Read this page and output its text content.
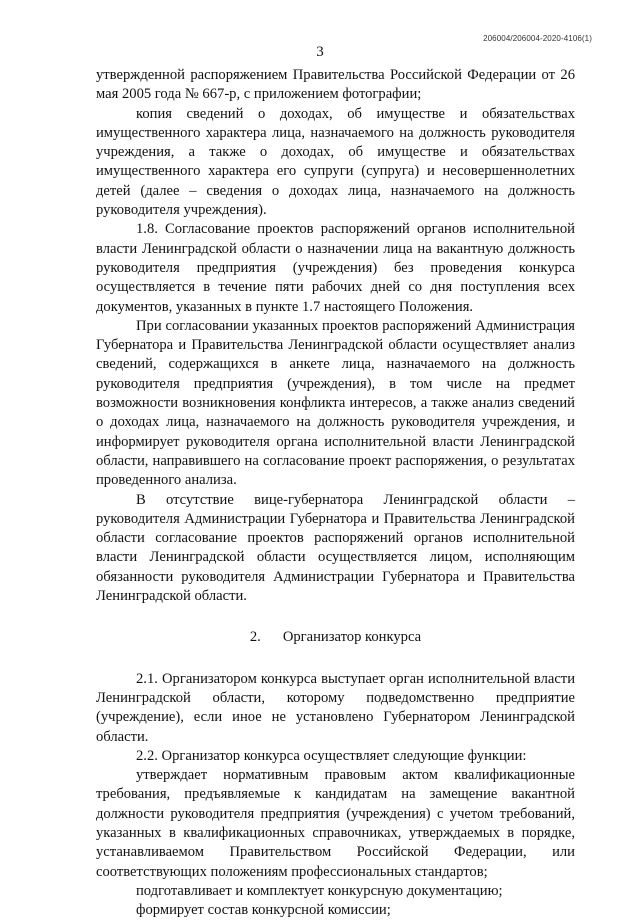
206004/206004-2020-4106(1)
3

утвержденной распоряжением Правительства Российской Федерации от 26 мая 2005 года № 667-р, с приложением фотографии;

копия сведений о доходах, об имуществе и обязательствах имущественного характера лица, назначаемого на должность руководителя учреждения, а также о доходах, об имуществе и обязательствах имущественного характера его супруги (супруга) и несовершеннолетних детей (далее – сведения о доходах лица, назначаемого на должность руководителя учреждения).

1.8. Согласование проектов распоряжений органов исполнительной власти Ленинградской области о назначении лица на вакантную должность руководителя предприятия (учреждения) без проведения конкурса осуществляется в течение пяти рабочих дней со дня поступления всех документов, указанных в пункте 1.7 настоящего Положения.

При согласовании указанных проектов распоряжений Администрация Губернатора и Правительства Ленинградской области осуществляет анализ сведений, содержащихся в анкете лица, назначаемого на должность руководителя предприятия (учреждения), в том числе на предмет возможности возникновения конфликта интересов, а также анализ сведений о доходах лица, назначаемого на должность руководителя учреждения, и информирует руководителя органа исполнительной власти Ленинградской области, направившего на согласование проект распоряжения, о результатах проведенного анализа.

В отсутствие вице-губернатора Ленинградской области – руководителя Администрации Губернатора и Правительства Ленинградской области согласование проектов распоряжений органов исполнительной власти Ленинградской области осуществляется лицом, исполняющим обязанности руководителя Администрации Губернатора и Правительства Ленинградской области.

2. Организатор конкурса

2.1. Организатором конкурса выступает орган исполнительной власти Ленинградской области, которому подведомственно предприятие (учреждение), если иное не установлено Губернатором Ленинградской области.

2.2. Организатор конкурса осуществляет следующие функции:

утверждает нормативным правовым актом квалификационные требования, предъявляемые к кандидатам на замещение вакантной должности руководителя предприятия (учреждения) с учетом требований, указанных в квалификационных справочниках, утверждаемых в порядке, устанавливаемом Правительством Российской Федерации, или соответствующих положениям профессиональных стандартов;

подготавливает и комплектует конкурсную документацию;

формирует состав конкурсной комиссии;
